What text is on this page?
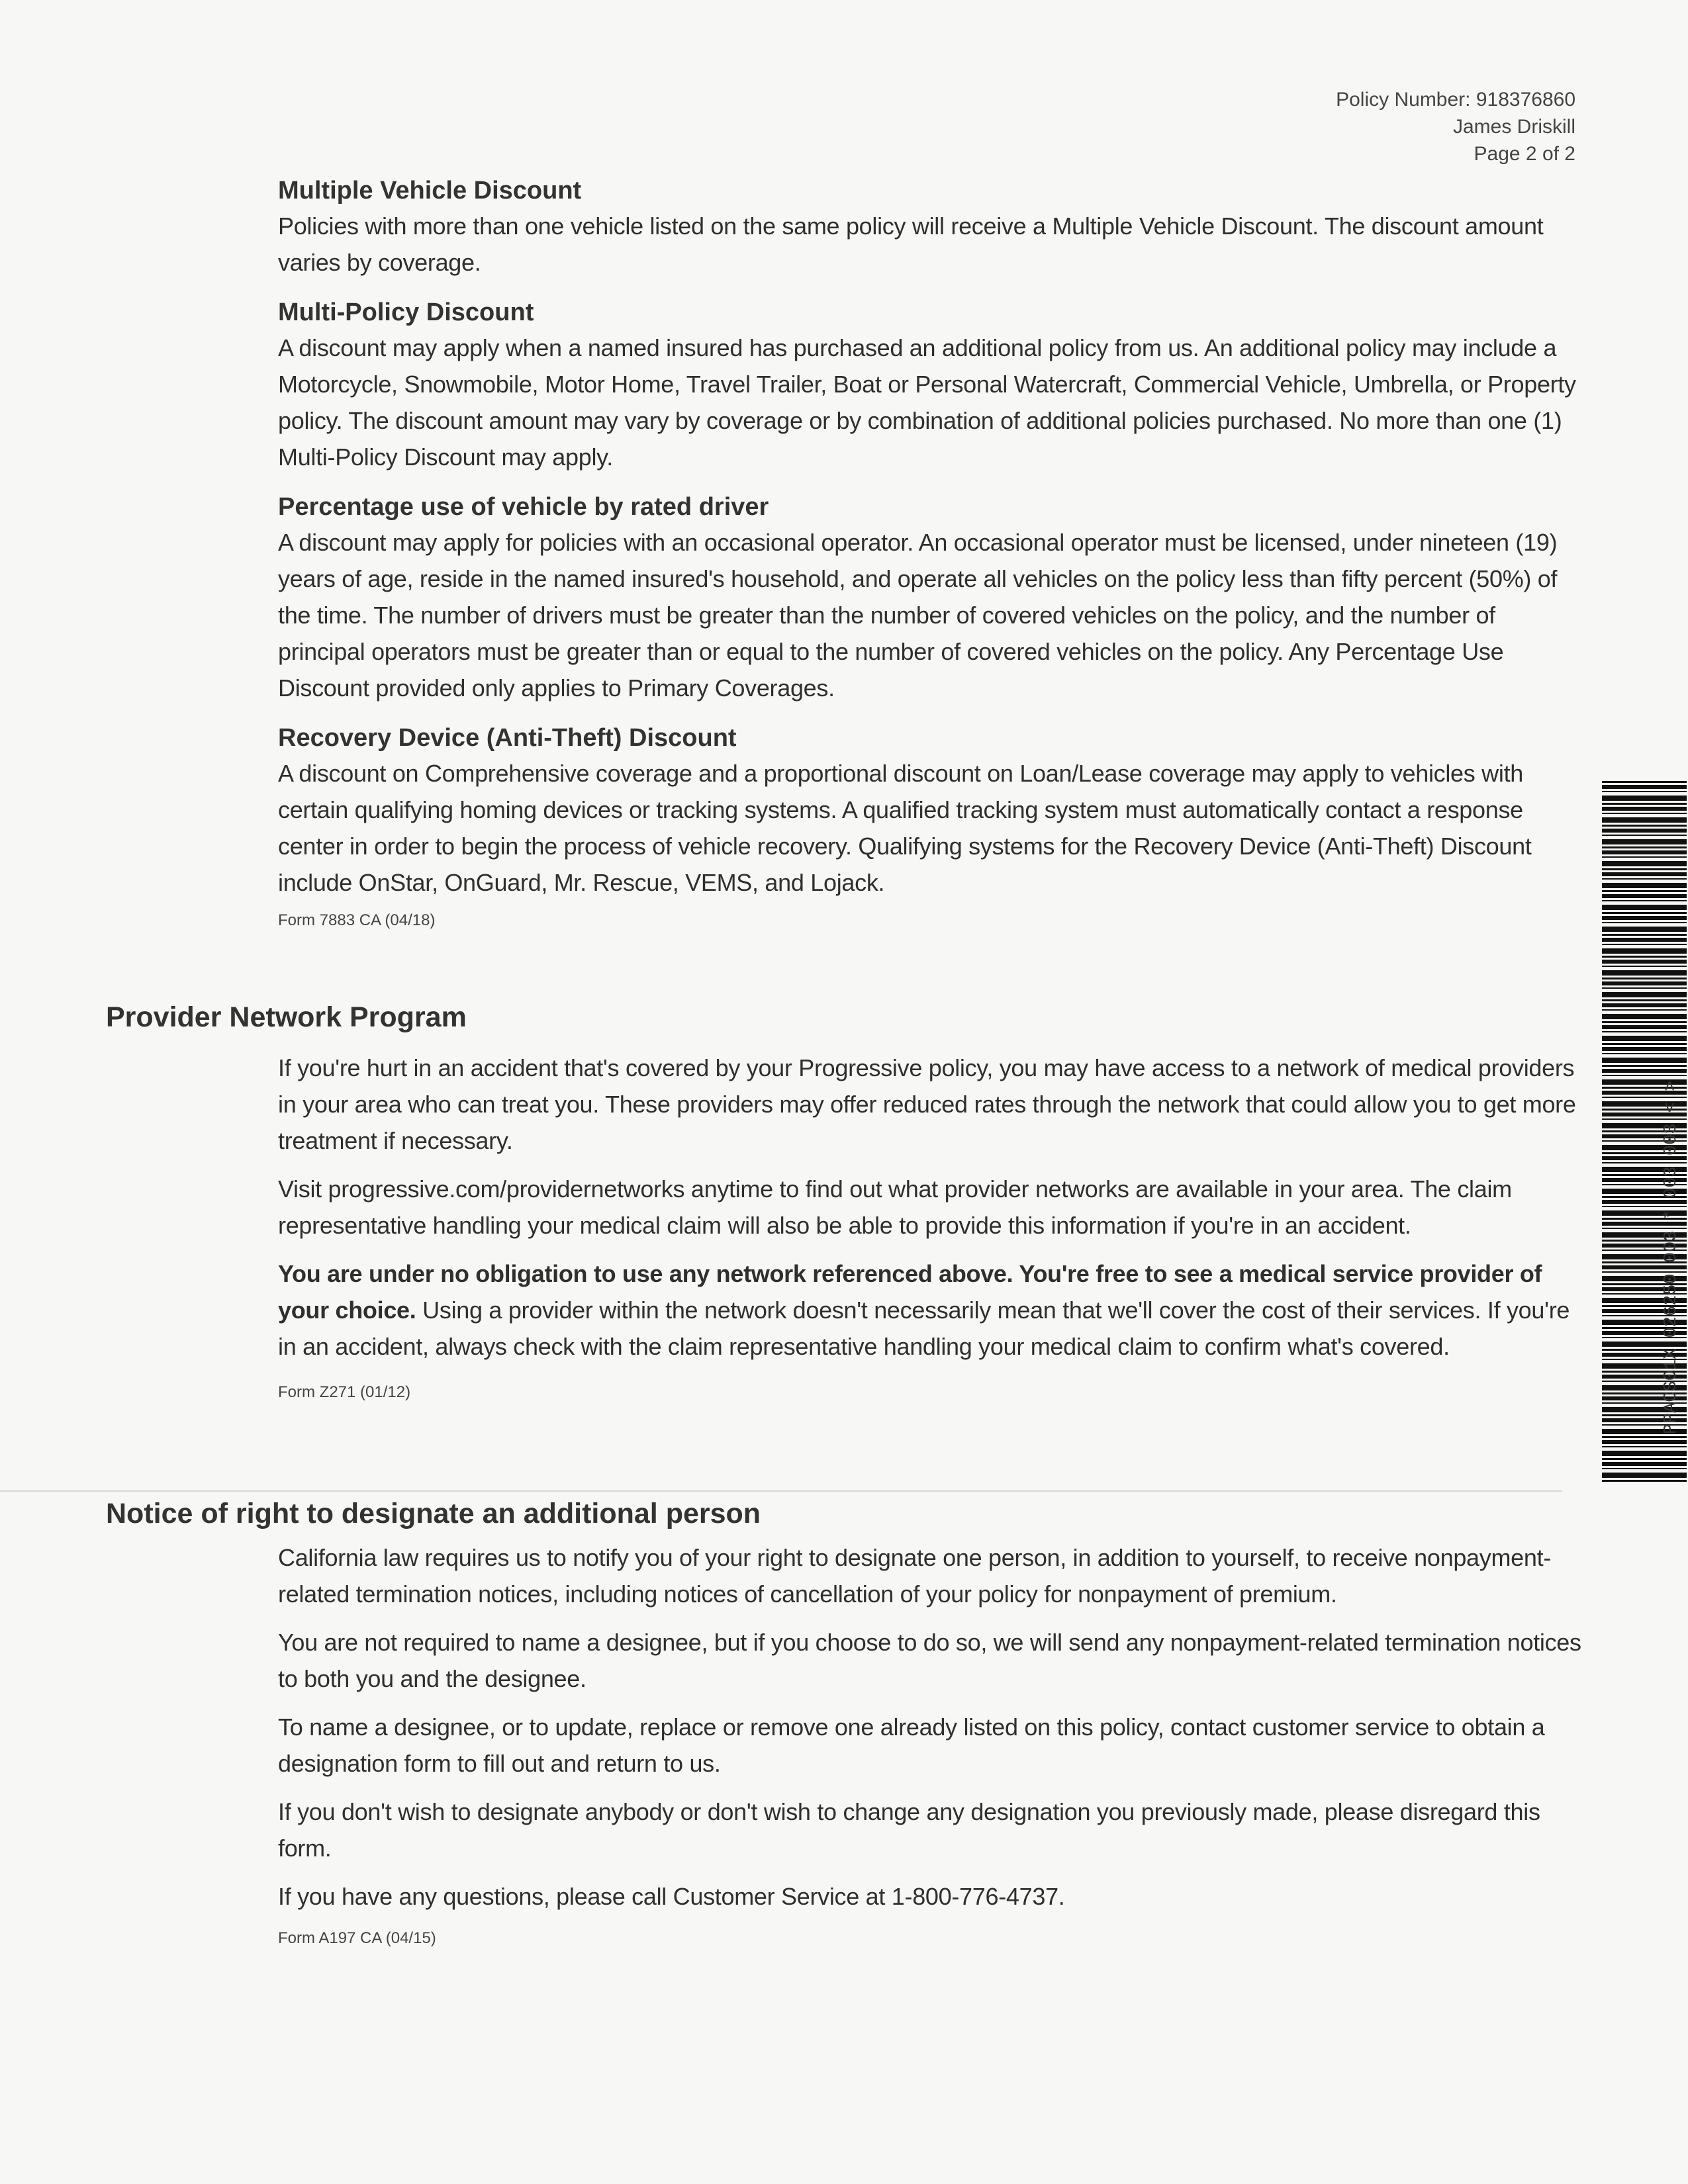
Policy Number: 918376860
James Driskill
Page 2 of 2
Multiple Vehicle Discount

Policies with more than one vehicle listed on the same policy will receive a Multiple Vehicle Discount. The discount amount varies by coverage.

Multi-Policy Discount

A discount may apply when a named insured has purchased an additional policy from us. An additional policy may include a Motorcycle, Snowmobile, Motor Home, Travel Trailer, Boat or Personal Watercraft, Commercial Vehicle, Umbrella, or Property policy. The discount amount may vary by coverage or by combination of additional policies purchased. No more than one (1) Multi-Policy Discount may apply.

Percentage use of vehicle by rated driver

A discount may apply for policies with an occasional operator. An occasional operator must be licensed, under nineteen (19) years of age, reside in the named insured's household, and operate all vehicles on the policy less than fifty percent (50%) of the time. The number of drivers must be greater than the number of covered vehicles on the policy, and the number of principal operators must be greater than or equal to the number of covered vehicles on the policy. Any Percentage Use Discount provided only applies to Primary Coverages.

Recovery Device (Anti-Theft) Discount

A discount on Comprehensive coverage and a proportional discount on Loan/Lease coverage may apply to vehicles with certain qualifying homing devices or tracking systems. A qualified tracking system must automatically contact a response center in order to begin the process of vehicle recovery. Qualifying systems for the Recovery Device (Anti-Theft) Discount include OnStar, OnGuard, Mr. Rescue, VEMS, and Lojack.

Form 7883 CA (04/18)
Provider Network Program

If you're hurt in an accident that's covered by your Progressive policy, you may have access to a network of medical providers in your area who can treat you. These providers may offer reduced rates through the network that could allow you to get more treatment if necessary.

Visit progressive.com/providernetworks anytime to find out what provider networks are available in your area. The claim representative handling your medical claim will also be able to provide this information if you're in an accident.

You are under no obligation to use any network referenced above. You're free to see a medical service provider of your choice. Using a provider within the network doesn't necessarily mean that we'll cover the cost of their services. If you're in an accident, always check with the claim representative handling your medical claim to confirm what's covered.

Form Z271 (01/12)
Notice of right to designate an additional person

California law requires us to notify you of your right to designate one person, in addition to yourself, to receive nonpayment-related termination notices, including notices of cancellation of your policy for nonpayment of premium.

You are not required to name a designee, but if you choose to do so, we will send any nonpayment-related termination notices to both you and the designee.

To name a designee, or to update, replace or remove one already listed on this policy, contact customer service to obtain a designation form to fill out and return to us.

If you don't wish to designate anybody or don't wish to change any designation you previously made, please disregard this form.

If you have any questions, please call Customer Service at 1-800-776-4737.

Form A197 CA (04/15)
PPACS01X 026250 003 * 003 003 < >
